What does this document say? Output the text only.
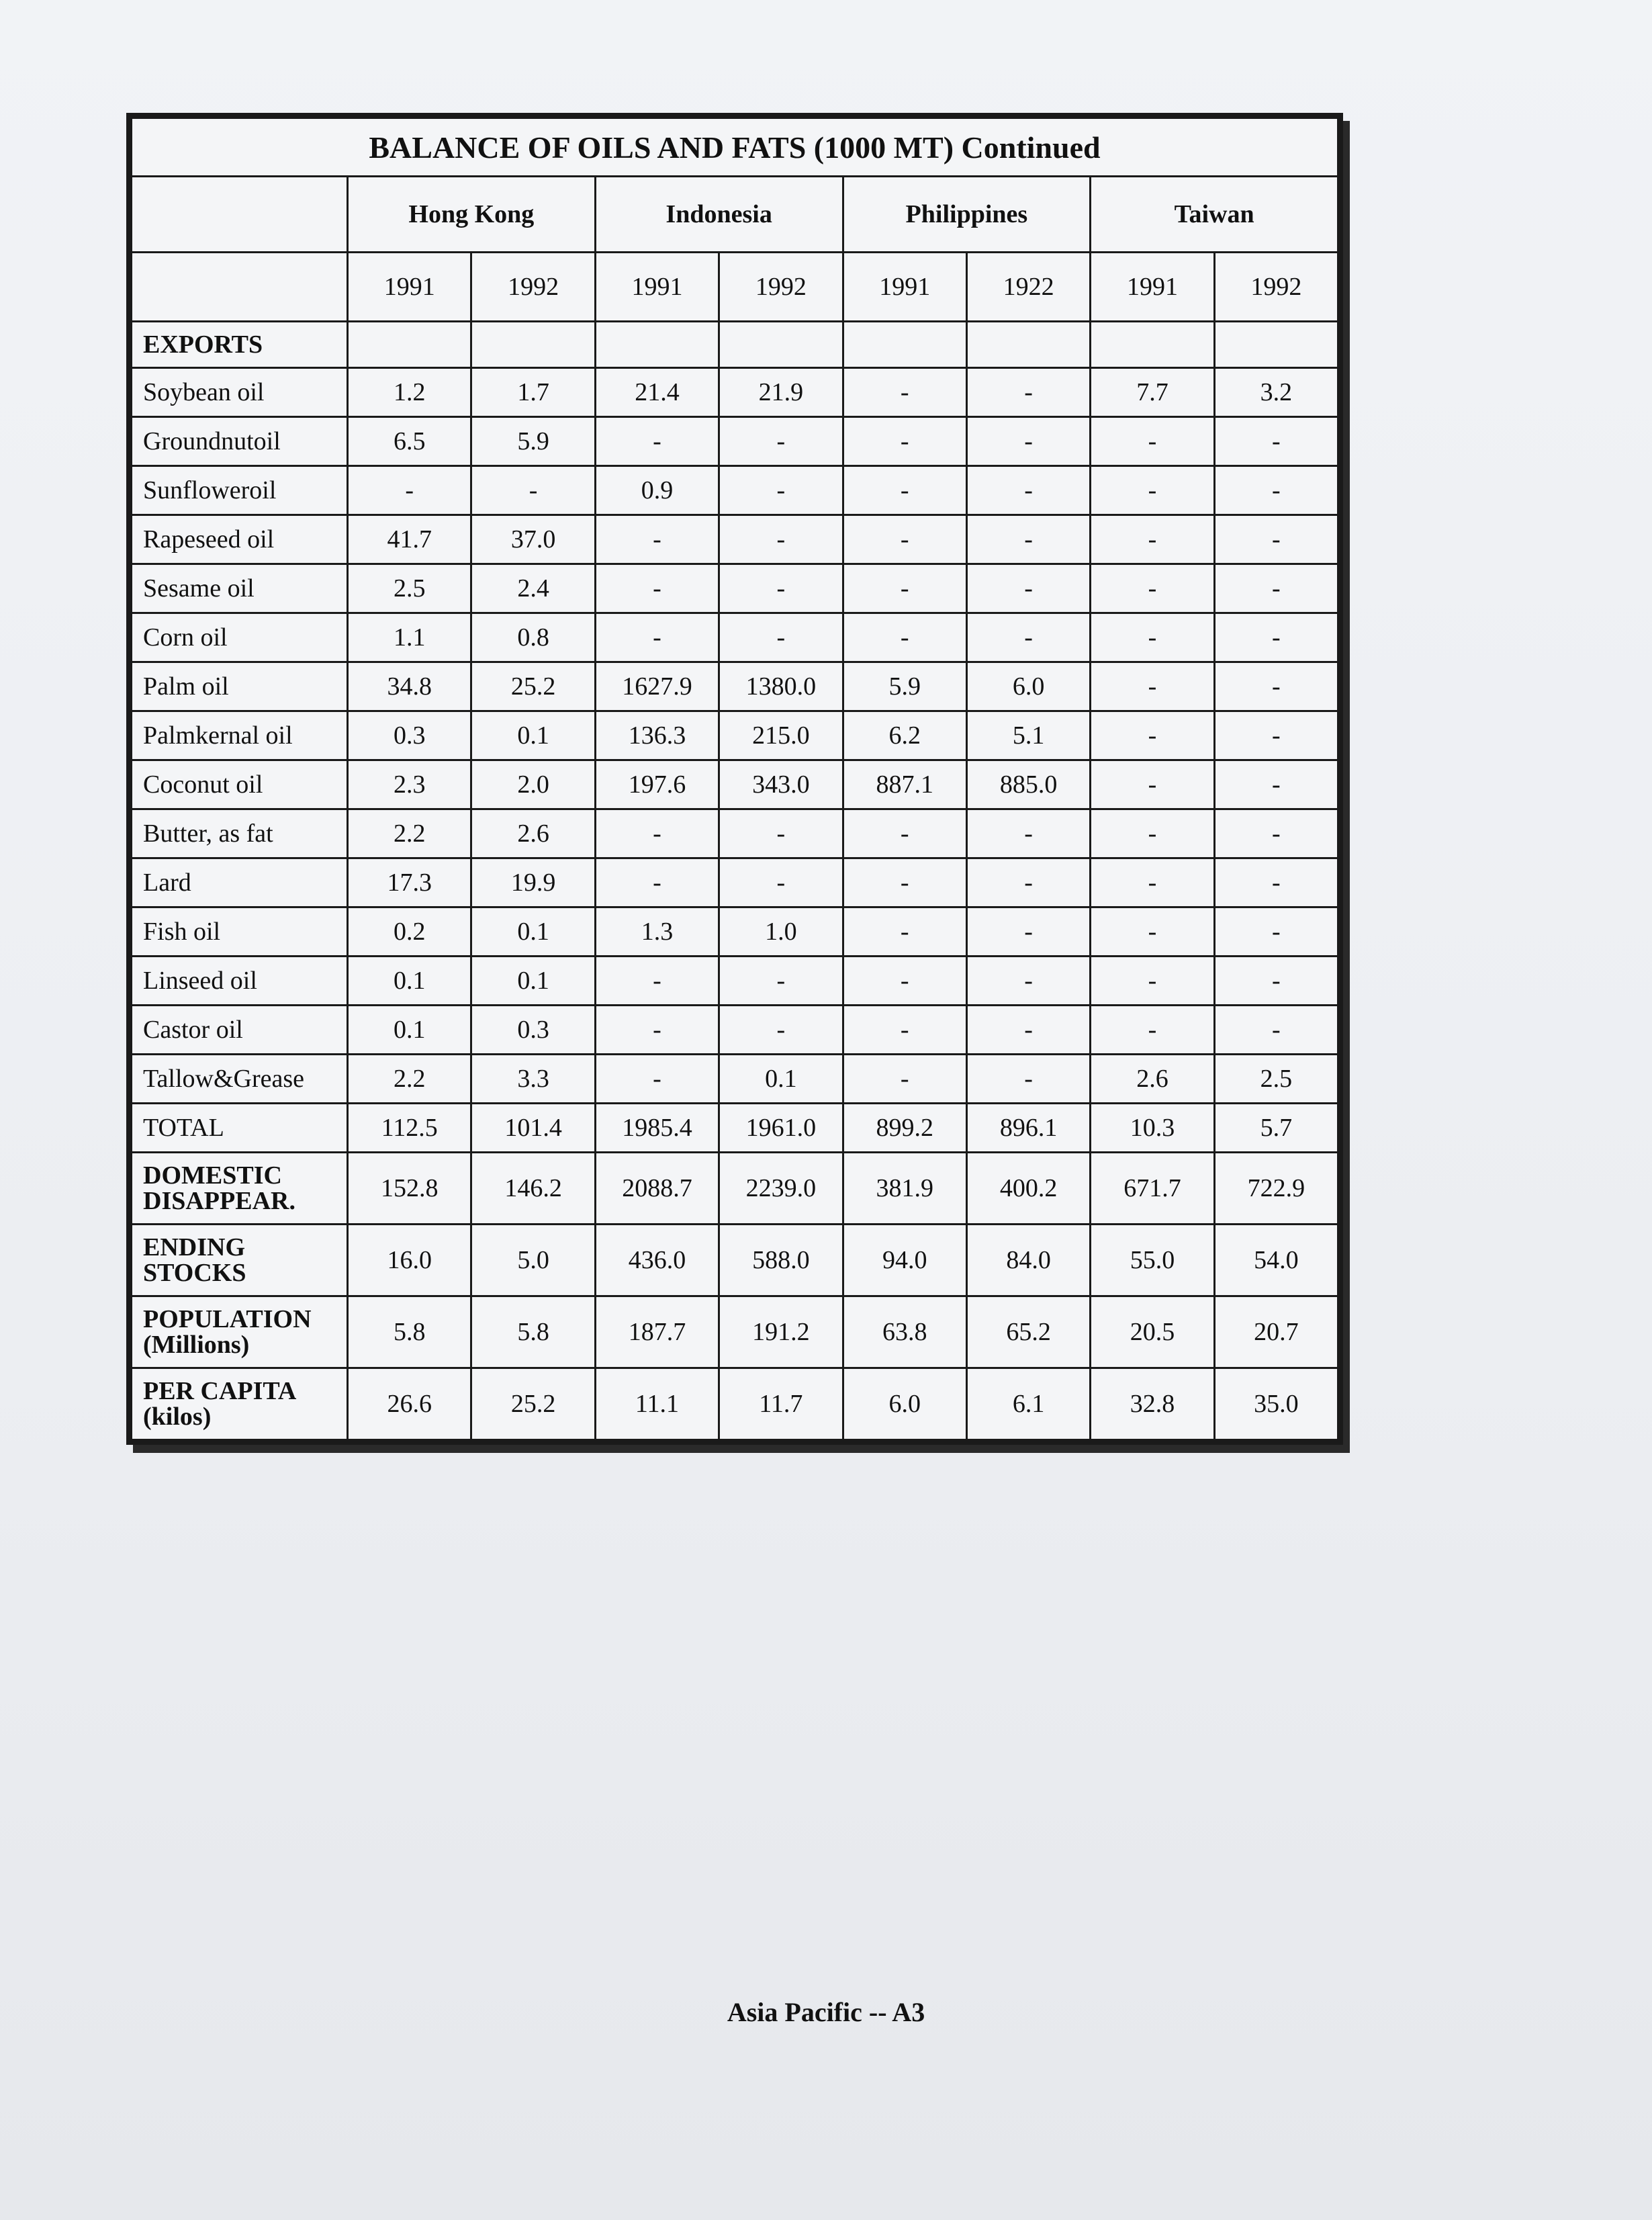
BALANCE OF OILS AND FATS (1000 MT) Continued								
	Hong Kong		Indonesia		Philippines		Taiwan	
	1991	1992	1991	1992	1991	1922	1991	1992
EXPORTS								
Soybean oil	1.2	1.7	21.4	21.9	-	-	7.7	3.2
Groundnutoil	6.5	5.9	-	-	-	-	-	-
Sunfloweroil	-	-	0.9	-	-	-	-	-
Rapeseed oil	41.7	37.0	-	-	-	-	-	-
Sesame oil	2.5	2.4	-	-	-	-	-	-
Corn oil	1.1	0.8	-	-	-	-	-	-
Palm oil	34.8	25.2	1627.9	1380.0	5.9	6.0	-	-
Palmkernal oil	0.3	0.1	136.3	215.0	6.2	5.1	-	-
Coconut oil	2.3	2.0	197.6	343.0	887.1	885.0	-	-
Butter, as fat	2.2	2.6	-	-	-	-	-	-
Lard	17.3	19.9	-	-	-	-	-	-
Fish oil	0.2	0.1	1.3	1.0	-	-	-	-
Linseed oil	0.1	0.1	-	-	-	-	-	-
Castor oil	0.1	0.3	-	-	-	-	-	-
Tallow&Grease	2.2	3.3	-	0.1	-	-	2.6	2.5
TOTAL	112.5	101.4	1985.4	1961.0	899.2	896.1	10.3	5.7

DOMESTIC
DISAPPEAR.	152.8	146.2	2088.7	2239.0	381.9	400.2	671.7	722.9

ENDING
STOCKS	16.0	5.0	436.0	588.0	94.0	84.0	55.0	54.0

POPULATION
(Millions)	5.8	5.8	187.7	191.2	63.8	65.2	20.5	20.7

PER CAPITA
(kilos)	26.6	25.2	11.1	11.7	6.0	6.1	32.8	35.0
Asia Pacific -- A3
